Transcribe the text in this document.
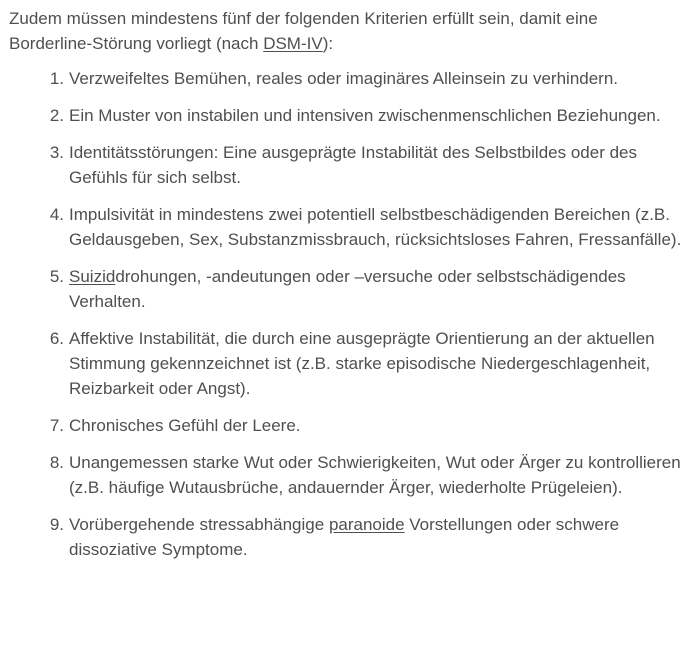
Zudem müssen mindestens fünf der folgenden Kriterien erfüllt sein, damit eine Borderline-Störung vorliegt (nach DSM-IV):

1. Verzweifeltes Bemühen, reales oder imaginäres Alleinsein zu verhindern.
2. Ein Muster von instabilen und intensiven zwischenmenschlichen Beziehungen.
3. Identitätsstörungen: Eine ausgeprägte Instabilität des Selbstbildes oder des Gefühls für sich selbst.
4. Impulsivität in mindestens zwei potentiell selbstbeschädigenden Bereichen (z.B. Geldausgeben, Sex, Substanzmissbrauch, rücksichtsloses Fahren, Fressanfälle).
5. Suiziddrohungen, -andeutungen oder –versuche oder selbstschädigendes Verhalten.
6. Affektive Instabilität, die durch eine ausgeprägte Orientierung an der aktuellen Stimmung gekennzeichnet ist (z.B. starke episodische Niedergeschlagenheit, Reizbarkeit oder Angst).
7. Chronisches Gefühl der Leere.
8. Unangemessen starke Wut oder Schwierigkeiten, Wut oder Ärger zu kontrollieren (z.B. häufige Wutausbrüche, andauernder Ärger, wiederholte Prügeleien).
9. Vorübergehende stressabhängige paranoide Vorstellungen oder schwere dissoziative Symptome.
